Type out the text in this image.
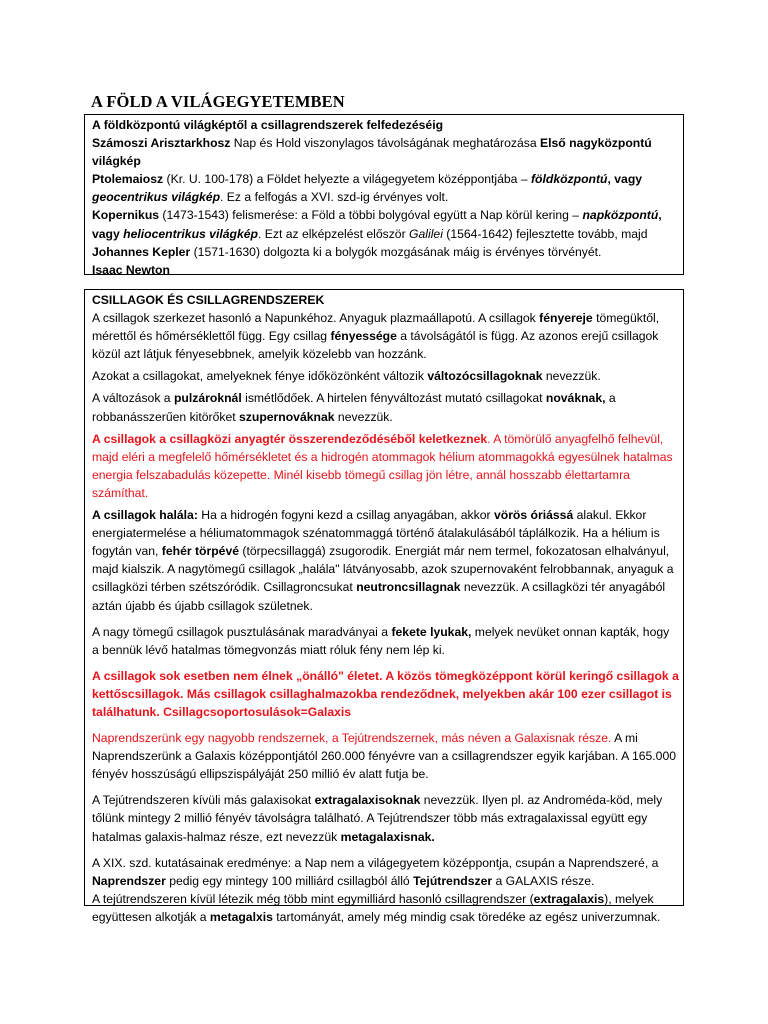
A FÖLD A VILÁGEGYETEMBEN

A földközpontú világképtől a csillagrendszerek felfedezéséig

Számoszi Arisztarkhosz Nap és Hold viszonylagos távolságának meghatározása Első nagyközpontú világkép

Ptolemaiosz (Kr. U. 100-178) a Földet helyezte a világegyetem középpontjába – földközpontú, vagy geocentrikus világkép. Ez a felfogás a XVI. szd-ig érvényes volt.

Kopernikus (1473-1543) felismerése: a Föld a többi bolygóval együtt a Nap körül kering – napközpontú, vagy heliocentrikus világkép. Ezt az elképzelést először Galilei (1564-1642) fejlesztette tovább, majd

Johannes Kepler (1571-1630) dolgozta ki a bolygók mozgásának máig is érvényes törvényét.

Isaac Newton

CSILLAGOK ÉS CSILLAGRENDSZEREK

A csillagok szerkezet hasonló a Napunkéhoz. Anyaguk plazmaállapotú. A csillagok fényereje tömegüktől, mérettől és hőmérséklettől függ. Egy csillag fényessége a távolságától is függ. Az azonos erejű csillagok közül azt látjuk fényesebbnek, amelyik közelebb van hozzánk.

Azokat a csillagokat, amelyeknek fénye időközönként változik változócsillagoknak nevezzük.

A változások a pulzároknál ismétlődőek. A hirtelen fényváltozást mutató csillagokat nováknak, a robbanásszerűen kitörőket szupernováknak nevezzük.

A csillagok a csillagközi anyagtér összerendeződéséből keletkeznek. A tömörülő anyagfelhő felhevül, majd eléri a megfelelő hőmérsékletet és a hidrogén atommagok hélium atommagokká egyesülnek hatalmas energia felszabadulás közepette. Minél kisebb tömegű csillag jön létre, annál hosszabb élettartamra számíthat.

A csillagok halála: Ha a hidrogén fogyni kezd a csillag anyagában, akkor vörös óriássá alakul. Ekkor energiatermelése a héliumatommagok szénatommaggá történő átalakulásából táplálkozik. Ha a hélium is fogytán van, fehér törpévé (törpecsillaggá) zsugorodik. Energiát már nem termel, fokozatosan elhalványul, majd kialszik. A nagytömegű csillagok „halála" látványosabb, azok szupernovaként felrobbannak, anyaguk a csillagközi térben szétszóródik. Csillagroncsukat neutroncsillagnak nevezzük. A csillagközi tér anyagából aztán újabb és újabb csillagok születnek.

A nagy tömegű csillagok pusztulásának maradványai a fekete lyukak, melyek nevüket onnan kapták, hogy a bennük lévő hatalmas tömegvonzás miatt róluk fény nem lép ki.

A csillagok sok esetben nem élnek „önálló" életet. A közös tömegközéppont körül keringő csillagok a kettőscsillagok. Más csillagok csillaghalmazokba rendeződnek, melyekben akár 100 ezer csillagot is találhatunk. Csillagcsoportosulások=Galaxis

Naprendszerünk egy nagyobb rendszernek, a Tejútrendszernek, más néven a Galaxisnak része. A mi Naprendszerünk a Galaxis középpontjától 260.000 fényévre van a csillagrendszer egyik karjában. A 165.000 fényév hosszúságú ellipszispályáját 250 millió év alatt futja be.

A Tejútrendszeren kívüli más galaxisokat extragalaxisoknak nevezzük. Ilyen pl. az Androméda-köd, mely tőlünk mintegy 2 millió fényév távolságra található. A Tejútrendszer több más extragalaxissal együtt egy hatalmas galaxis-halmaz része, ezt nevezzük metagalaxisnak.

A XIX. szd. kutatásainak eredménye: a Nap nem a világegyetem középpontja, csupán a Naprendszeré, a Naprendszer pedig egy mintegy 100 milliárd csillagból álló Tejútrendszer a GALAXIS része.

A tejútrendszeren kívül létezik még több mint egymilliárd hasonló csillagrendszer (extragalaxis), melyek együttesen alkotják a metagalxis tartományát, amely még mindig csak töredéke az egész univerzumnak.
